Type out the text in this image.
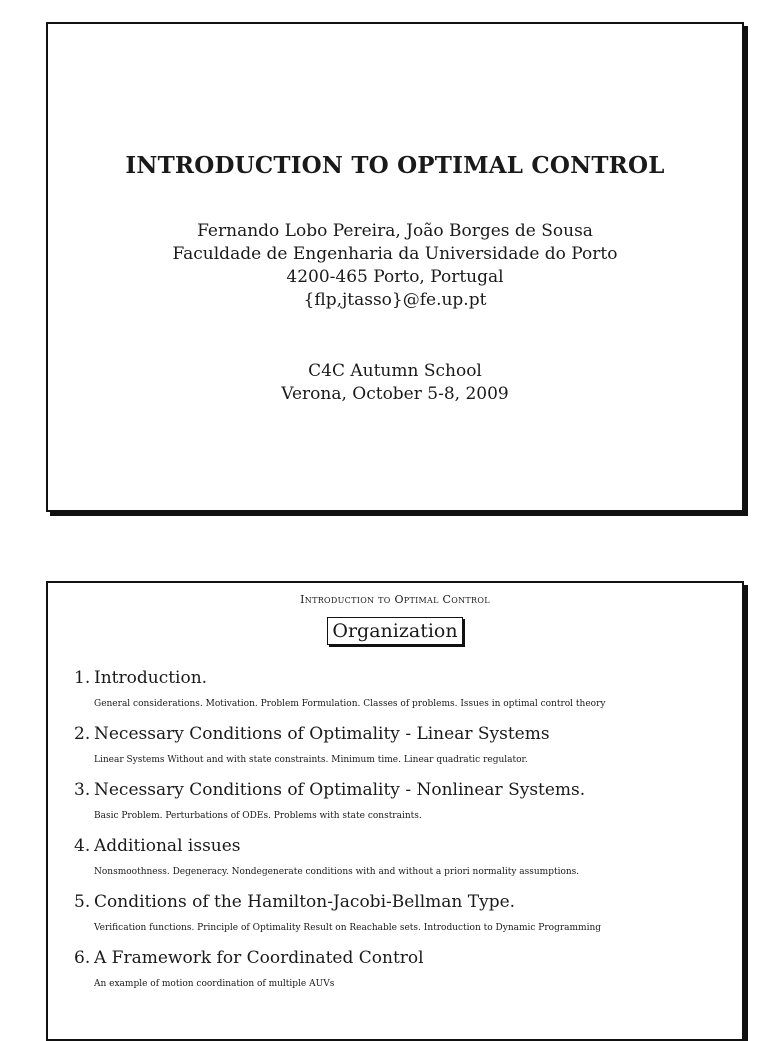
INTRODUCTION TO OPTIMAL CONTROL
Fernando Lobo Pereira, João Borges de Sousa
Faculdade de Engenharia da Universidade do Porto
4200-465 Porto, Portugal
{flp,jtasso}@fe.up.pt
C4C Autumn School
Verona, October 5-8, 2009
Introduction to Optimal Control
Organization
1. Introduction.
General considerations. Motivation. Problem Formulation. Classes of problems. Issues in optimal control theory
2. Necessary Conditions of Optimality - Linear Systems
Linear Systems Without and with state constraints. Minimum time. Linear quadratic regulator.
3. Necessary Conditions of Optimality - Nonlinear Systems.
Basic Problem. Perturbations of ODEs. Problems with state constraints.
4. Additional issues
Nonsmoothness. Degeneracy. Nondegenerate conditions with and without a priori normality assumptions.
5. Conditions of the Hamilton-Jacobi-Bellman Type.
Verification functions. Principle of Optimality Result on Reachable sets. Introduction to Dynamic Programming
6. A Framework for Coordinated Control
An example of motion coordination of multiple AUVs
